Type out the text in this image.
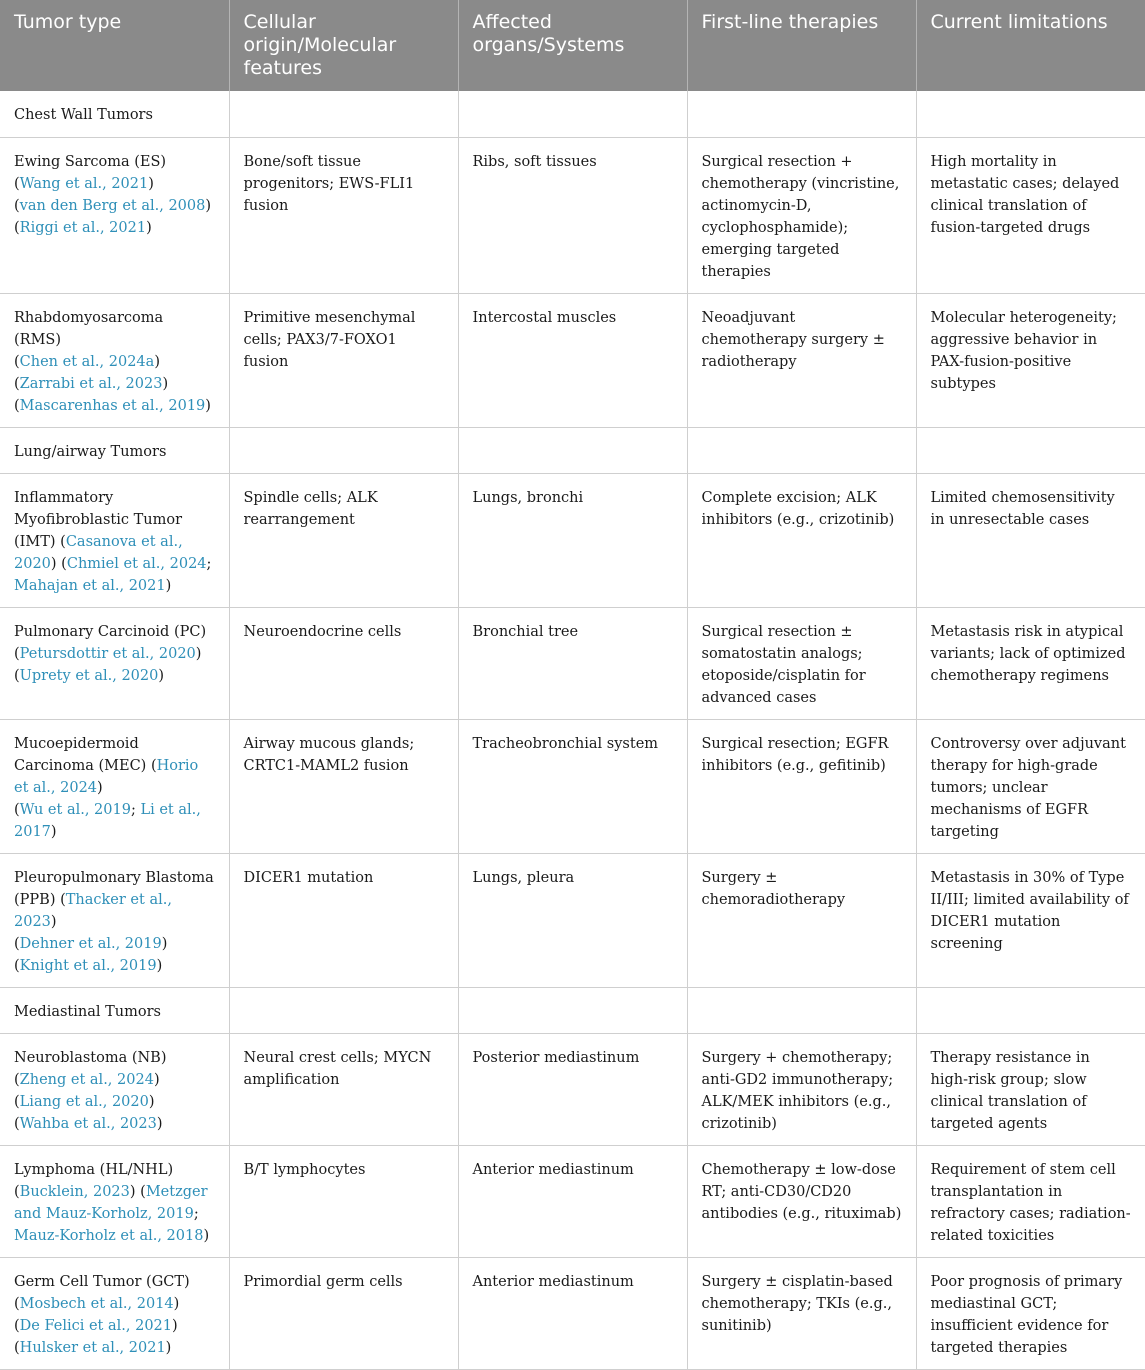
Tumor type	Cellular origin/Molecular features	Affected organs/Systems	First-line therapies	Current limitations
Chest Wall Tumors				
Ewing Sarcoma (ES)
(Wang et al., 2021)
(van den Berg et al., 2008)
(Riggi et al., 2021)	Bone/soft tissue progenitors; EWS-FLI1 fusion	Ribs, soft tissues	Surgical resection + chemotherapy (vincristine, actinomycin-D, cyclophosphamide); emerging targeted therapies	High mortality in metastatic cases; delayed clinical translation of fusion-targeted drugs
Rhabdomyosarcoma (RMS)
(Chen et al., 2024a)
(Zarrabi et al., 2023)
(Mascarenhas et al., 2019)	Primitive mesenchymal cells; PAX3/7-FOXO1 fusion	Intercostal muscles	Neoadjuvant chemotherapy surgery ± radiotherapy	Molecular heterogeneity; aggressive behavior in PAX-fusion-positive subtypes
Lung/airway Tumors				
Inflammatory Myofibroblastic Tumor (IMT) (Casanova et al., 2020) (Chmiel et al., 2024; Mahajan et al., 2021)	Spindle cells; ALK rearrangement	Lungs, bronchi	Complete excision; ALK inhibitors (e.g., crizotinib)	Limited chemosensitivity in unresectable cases
Pulmonary Carcinoid (PC)
(Petursdottir et al., 2020)
(Uprety et al., 2020)	Neuroendocrine cells	Bronchial tree	Surgical resection ± somatostatin analogs; etoposide/cisplatin for advanced cases	Metastasis risk in atypical variants; lack of optimized chemotherapy regimens
Mucoepidermoid Carcinoma (MEC) (Horio et al., 2024)
(Wu et al., 2019; Li et al., 2017)	Airway mucous glands; CRTC1-MAML2 fusion	Tracheobronchial system	Surgical resection; EGFR inhibitors (e.g., gefitinib)	Controversy over adjuvant therapy for high-grade tumors; unclear mechanisms of EGFR targeting
Pleuropulmonary Blastoma (PPB) (Thacker et al., 2023)
(Dehner et al., 2019)
(Knight et al., 2019)	DICER1 mutation	Lungs, pleura	Surgery ± chemoradiotherapy	Metastasis in 30% of Type II/III; limited availability of DICER1 mutation screening
Mediastinal Tumors				
Neuroblastoma (NB)
(Zheng et al., 2024)
(Liang et al., 2020)
(Wahba et al., 2023)	Neural crest cells; MYCN amplification	Posterior mediastinum	Surgery + chemotherapy; anti-GD2 immunotherapy; ALK/MEK inhibitors (e.g., crizotinib)	Therapy resistance in high-risk group; slow clinical translation of targeted agents
Lymphoma (HL/NHL)
(Bucklein, 2023) (Metzger and Mauz-Korholz, 2019; Mauz-Korholz et al., 2018)	B/T lymphocytes	Anterior mediastinum	Chemotherapy ± low-dose RT; anti-CD30/CD20 antibodies (e.g., rituximab)	Requirement of stem cell transplantation in refractory cases; radiation-related toxicities
Germ Cell Tumor (GCT)
(Mosbech et al., 2014)
(De Felici et al., 2021)
(Hulsker et al., 2021)	Primordial germ cells	Anterior mediastinum	Surgery ± cisplatin-based chemotherapy; TKIs (e.g., sunitinib)	Poor prognosis of primary mediastinal GCT; insufficient evidence for targeted therapies
